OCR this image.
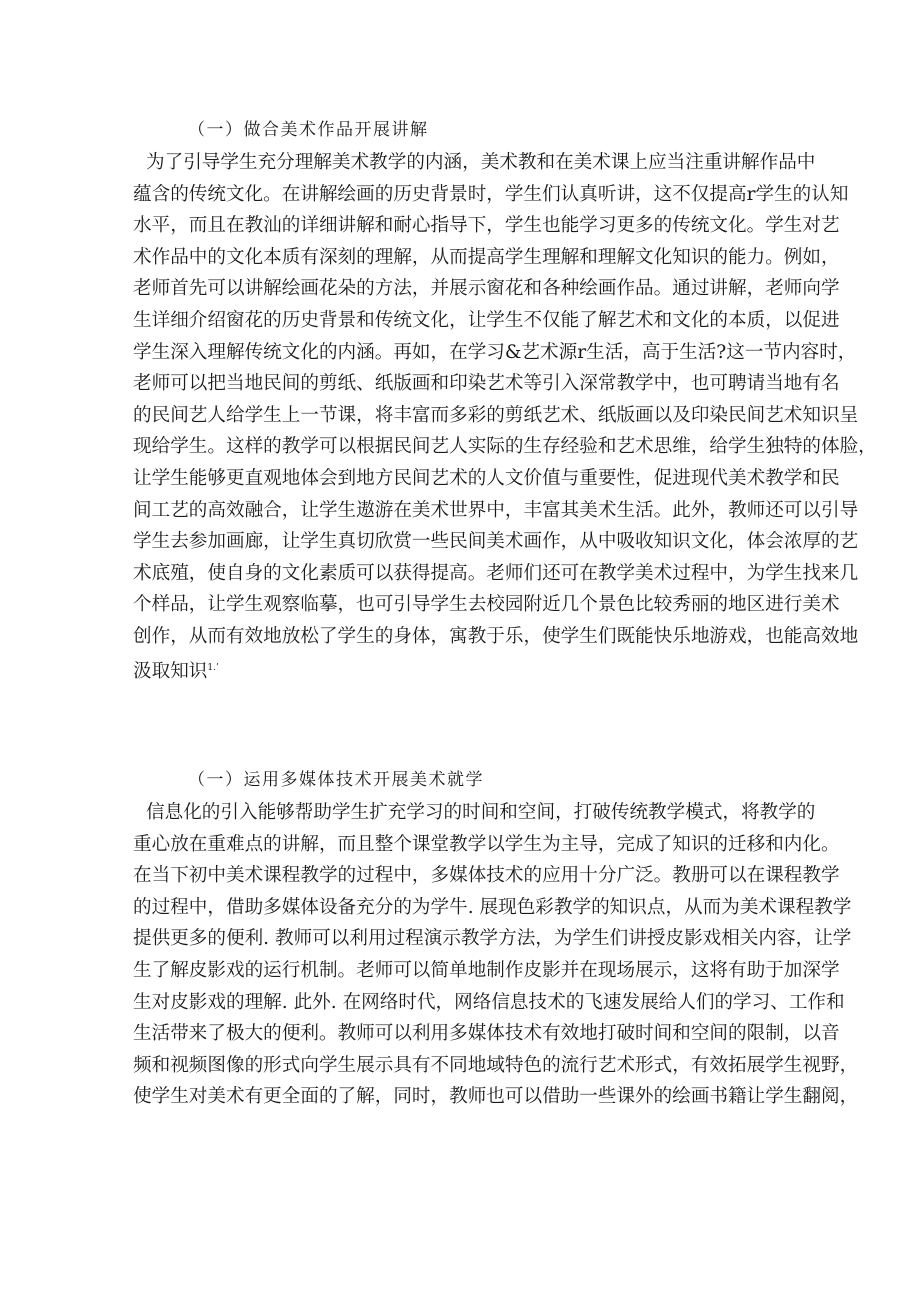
（一）做合美术作品开展讲解
为了引导学生充分理解美术教学的内涵，美术教和在美术课上应当注重讲解作品中
蕴含的传统文化。在讲解绘画的历史背景时，学生们认真听讲，这不仅提高r学生的认知
水平，而且在教汕的详细讲解和耐心指导下，学生也能学习更多的传统文化。学生对艺
术作品中的文化本质有深刻的理解，从而提高学生理解和理解文化知识的能力。例如，
老师首先可以讲解绘画花朵的方法，并展示窗花和各种绘画作品。通过讲解，老师向学
生详细介绍窗花的历史背景和传统文化，让学生不仅能了解艺术和文化的本质，以促进
学生深入理解传统文化的内涵。再如，在学习&艺术源r生活，高于生活?这一节内容时，
老师可以把当地民间的剪纸、纸版画和印染艺术等引入深常教学中，也可聘请当地有名
的民间艺人给学生上一节课，将丰富而多彩的剪纸艺术、纸版画以及印染民间艺术知识呈
现给学生。这样的教学可以根据民间艺人实际的生存经验和艺术思维，给学生独特的体脸，
让学生能够更直观地体会到地方民间艺术的人文价值与重要性，促进现代美术教学和民
间工艺的高效融合，让学生遨游在美术世界中，丰富其美术生活。此外，教师还可以引导
学生去参加画廊，让学生真切欣赏一些民间美术画作，从中吸收知识文化，体会浓厚的艺
术底殖，使自身的文化素质可以获得提高。老师们还可在教学美术过程中，为学生找来几
个样品，让学生观察临摹，也可引导学生去校园附近几个景色比较秀丽的地区进行美术
创作，从而有效地放松了学生的身体，寓教于乐，使学生们既能快乐地游戏，也能高效地
汲取知识$^{1.’}$
（一）运用多媒体技术开展美术就学
信息化的引入能够帮助学生扩充学习的时间和空间，打破传统教学模式，将教学的
重心放在重难点的讲解，而且整个课堂教学以学生为主导，完成了知识的迁移和内化。
在当下初中美术课程教学的过程中，多媒体技术的应用十分广泛。教册可以在课程教学
的过程中，借助多媒体设备充分的为学牛. 展现色彩教学的知识点，从而为美术课程教学
提供更多的便利. 教师可以利用过程演示教学方法，为学生们讲授皮影戏相关内容，让学
生了解皮影戏的运行机制。老师可以简单地制作皮影并在现场展示，这将有助于加深学
生对皮影戏的理解. 此外. 在网络时代，网络信息技术的飞速发展给人们的学习、工作和
生活带来了极大的便利。教师可以利用多媒体技术有效地打破时间和空间的限制，以音
频和视频图像的形式向学生展示具有不同地域特色的流行艺术形式，有效拓展学生视野，
使学生对美术有更全面的了解，同时，教师也可以借助一些课外的绘画书籍让学生翻阅，
